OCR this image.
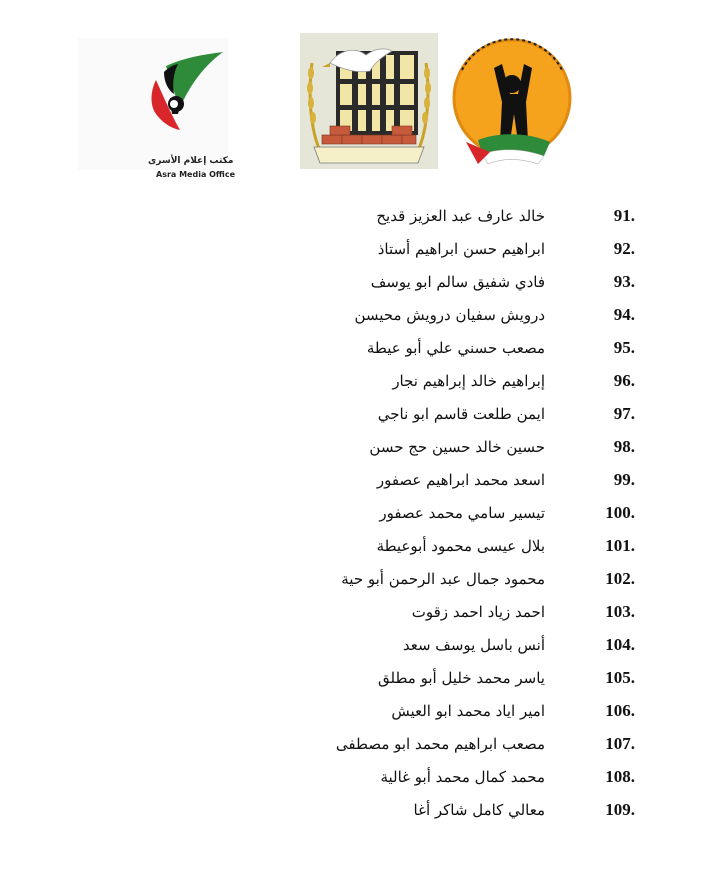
مكتب إعلام الأسرى
Asra Media Office
91.
خالد عارف عبد العزيز قديح
92.
ابراهيم حسن ابراهيم أستاذ
93.
فادي شفيق سالم ابو يوسف
94.
درويش سفيان درويش محيسن
95.
مصعب حسني علي أبو عيطة
96.
إبراهيم خالد إبراهيم نجار
97.
ايمن طلعت قاسم ابو ناجي
98.
حسين خالد حسين حج حسن
99.
اسعد محمد ابراهيم عصفور
100.
تيسير سامي محمد عصفور
101.
بلال عيسى محمود أبوعيطة
102.
محمود جمال عبد الرحمن أبو حية
103.
احمد زياد احمد زقوت
104.
أنس باسل يوسف سعد
105.
ياسر محمد خليل أبو مطلق
106.
امير اياد محمد ابو العيش
107.
مصعب ابراهيم محمد ابو مصطفى
108.
محمد كمال محمد أبو غالية
109.
معالي كامل شاكر أغا
